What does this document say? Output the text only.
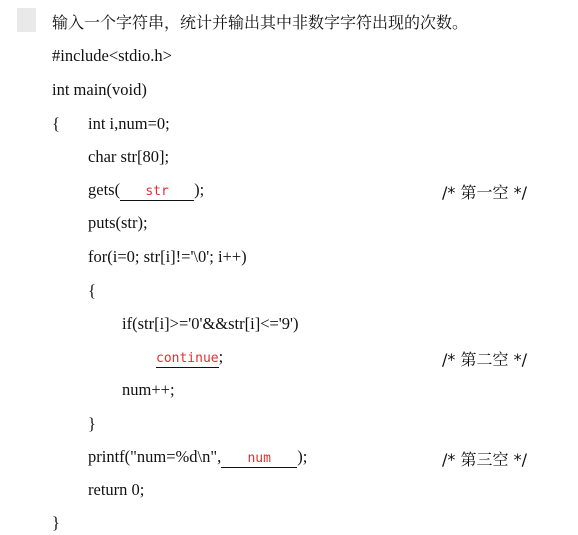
输入一个字符串，统计并输出其中非数字字符出现的次数。
#include<stdio.h>
int main(void)
{ int i,num=0;
char str[80];
gets( str );	/* 第一空 */
puts(str);
for(i=0; str[i]!='\0'; i++)
{
if(str[i]>='0'&&str[i]<='9')
continue;	/* 第二空 */
num++;
}
printf("num=%d\n", num );	/* 第三空 */
return 0;
}
